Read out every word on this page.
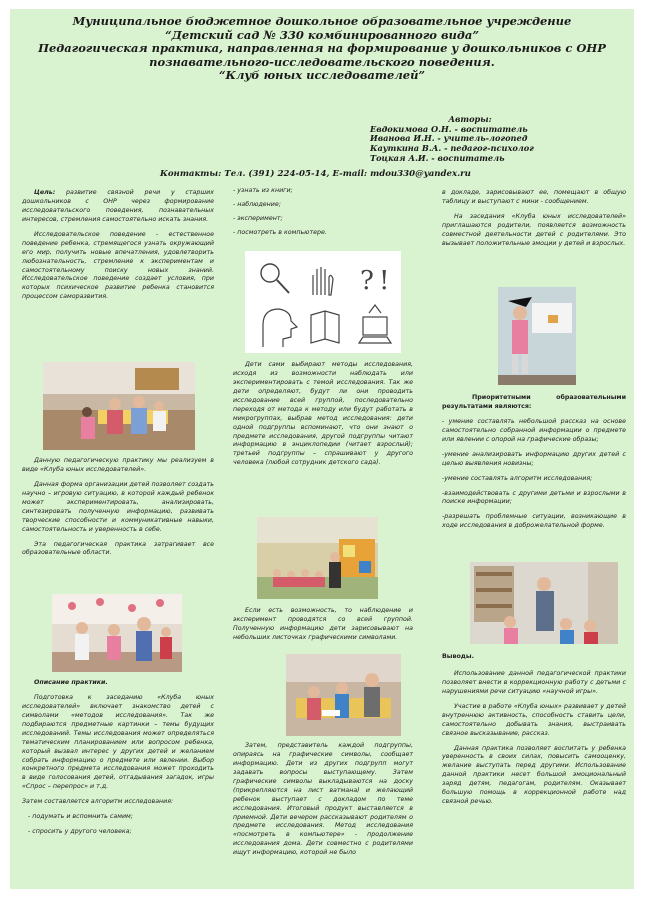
Муниципальное бюджетное дошкольное образовательное учреждение
“Детский сад № 330 комбинированного вида”
Педагогическая практика, направленная на формирование у дошкольников с ОНР
познавательного-исследовательского поведения.
“Клуб юных исследователей”
Авторы:
Евдокимова О.Н. - воспитатель
Иванова И.Н. - учитель-логопед
Кауткина В.А. - педагог-психолог
Тоцкая А.И. - воспитатель
Контакты: Тел. (391) 224-05-14, E-mail: mdou330@yandex.ru

Цель: развитие связной речи у старших дошкольников с ОНР через формирование исследовательского поведения, познавательных интересов, стремления самостоятельно искать знания.

Исследовательское поведение - естественное поведение ребенка, стремящегося узнать окружающий его мир, получить новые впечатления, удовлетворить любознательность, стремление к экспериментам и самостоятельному поиску новых знаний. Исследовательское поведение создает условия, при которых психическое развитие ребенка становится процессом саморазвития.

Данную педагогическую практику мы реализуем в виде «Клуба юных исследователей».

Данная форма организации детей позволяет создать научно – игровую ситуацию, в которой каждый ребенок может экспериментировать, анализировать, синтезировать полученную информацию, развивать творческие способности и коммуникативные навыки, самостоятельность и уверенность в себе.

Эта педагогическая практика затрагивает все образовательные области.

Описание практики.

Подготовка к заседанию «Клуба юных исследователей» включает знакомство детей с символами «методов исследования». Так же подбираются предметные картинки – темы будущих исследований. Темы исследования может определяться тематическим планированием или вопросом ребенка, который вызвал интерес у других детей и желанием собрать информацию о предмете или явлении. Выбор конкретного предмета исследования может проходить в виде голосования детей, отгадывания загадок, игры «Спрос – перепрос» и т.д.

Затем составляется алгоритм исследования:

- подумать и вспомнить самим;

- спросить у другого человека;

- узнать из книги;

- наблюдение;

- эксперимент;

- посмотреть в компьютере.

? !

Дети сами выбирают методы исследования, исходя из возможности наблюдать или экспериментировать с темой исследования. Так же дети определяют, будут ли они проводить исследование всей группой, последовательно переходя от метода к методу или будут работать в микрогруппах, выбрав метод исследования: дети одной подгруппы вспоминают, что они знают о предмете исследования, другой подгруппы читают информацию в энциклопедии (читает взрослый); третьей подгруппы – спрашивают у другого человека (любой сотрудник детского сада).

Если есть возможность, то наблюдение и эксперимент проводятся со всей группой. Полученную информацию дети зарисовывают на небольших листочках графическими символами.

Затем, представитель каждой подгруппы, опираясь на графические символы, сообщает информацию. Дети из других подгрупп могут задавать вопросы выступающему. Затем графические символы выкладываются на доску (прикрепляются на лист ватмана) и желающий ребенок выступает с докладом по теме исследования. Итоговый продукт выставляется в приемной. Дети вечером рассказывают родителям о предмете исследования. Метод исследования «посмотреть в компьютере» - продолжение исследования дома. Дети совместно с родителями ищут информацию, которой не было

в докладе, зарисовывают ее, помещают в общую таблицу и выступают с мини - сообщением.

На заседания «Клуба юных исследователей» приглашаются родители, появляется возможность совместной деятельности детей с родителями. Это вызывает положительные эмоции у детей и взрослых.

Приоритетными образовательными результатами являются:

- умение составлять небольшой рассказ на основе самостоятельно собранной информации о предмете или явлении с опорой на графические образы;

-умение анализировать информацию других детей с целью выявления новизны;

-умение составлять алгоритм исследования;

-взаимодействовать с другими детьми и взрослыми в поиске информации;

-разрешать проблемные ситуации, возникающие в ходе исследования в доброжелательной форме.

Выводы.

Использование данной педагогической практики позволяет внести в коррекционную работу с детьми с нарушениями речи ситуацию «научной игры».

Участие в работе «Клуба юных» развивает у детей внутреннюю активность, способность ставить цели, самостоятельно добывать знания, выстраивать связное высказывание, рассказ.

Данная практика позволяет воспитать у ребенка уверенность в своих силах, повысить самооценку, желание выступать перед другими. Использование данной практики несет большой эмоциональный заряд детям, педагогам, родителям. Оказывает большую помощь в коррекционной работе над связной речью.
